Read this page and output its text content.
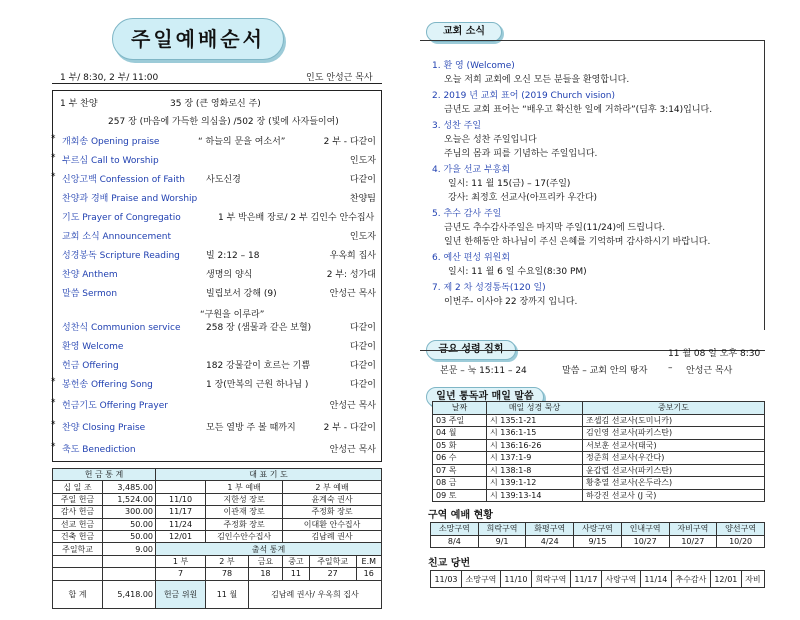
주일예배순서
1 부/ 8:30, 2 부/ 11:00	인도 안성근 목사
1 부 찬양	35 장 (큰 영화로신 주)
257 장 (마음에 가득한 의심을) /502 장 (빛에 사자들이여)
* 개회송 Opening praise	“ 하늘의 문을 여소서”	2 부 - 다같이
* 부르심 Call to Worship	인도자
* 신앙고백 Confession of Faith 사도신경	다같이
찬양과 경배 Praise and Worship	찬양팀
기도 Prayer of Congregatio	1 부 박은배 장로/ 2 부 김인수 안수집사
교회 소식 Announcement	인도자
성경봉독 Scripture Reading	빌 2:12 – 18	우옥희 집사
찬양 Anthem	생명의 양식	2 부: 성가대
말씀 Sermon	빌립보서 강해 (9)	안성근 목사
성찬식 Communion service	258 장 (샘물과 같은 보혈)	다같이
환영 Welcome	다같이
헌금 Offering	182 강물같이 흐르는 기쁨	다같이
* 봉헌송 Offering Song	1 장(만복의 근원 하나님 )	다같이
* 헌금기도 Offering Prayer	안성근 목사
* 찬양 Closing Praise	모든 열방 주 볼 때까지	2 부 - 다같이
* 축도 Benediction	안성근 목사
“구원을 이루라”
헌 금 통 계		대 표 기 도					
십 일 조	3,485.00		1 부 예배		2 부 예배		
주일 헌금	1,524.00	11/10	지한성 장로		윤계숙 권사		
감사 헌금	300.00	11/17	이관재 장로		주정화 장로		
선교 헌금	50.00	11/24	주정화 장로		이대환 안수집사		
건축 헌금	50.00	12/01	김인수안수집사		김남례 권사		
주일학교	9.00	출석 통계					
		1 부	2 부	금요	중고	주일학교	E.M
		7	78	18	11	27	16
합 계	5,418.00	헌금 위원	11 월	김남례 권사/ 우옥희 집사			
교회 소식
1. 환 영 (Welcome)
오늘 저희 교회에 오신 모든 분들을 환영합니다.
2. 2019 년 교회 표어 (2019 Church vision)
금년도 교회 표어는 “배우고 확신한 일에 거하라”(딤후 3:14)입니다.
3. 성찬 주일
오늘은 성찬 주일입니다
주님의 몸과 피를 기념하는 주일입니다.
4. 가을 선교 부흥회
일시: 11 월 15(금) – 17(주일)
강사: 최정호 선교사(아프리카 우간다)
5. 추수 감사 주일
금년도 추수감사주일은 마지막 주일(11/24)에 드립니다.
일년 한해동안 하나님이 주신 은혜를 기억하며 감사하시기 바랍니다.
6. 예산 편성 위원회
일시: 11 월 6 일 수요일(8:30 PM)
7. 제 2 차 성경통독(120 일)
이번주- 이사야 22 장까지 입니다.
금요 성령 집회	11 월 08 일 오후 8:30
본문 – 눅 15:11 – 24	말씀 – 교회 안의 탕자 – 안성근 목사
일년 통독과 매일 말씀
날짜	매일 성경 묵상	중보기도
03 주일	시 135:1-21	조셉김 선교사(도미니카)
04 월	시 136:1-15	김인영 선교사(파키스탄)
05 화	시 136:16-26	서보훈 선교사(태국)
06 수	시 137:1-9	정준희 선교사(우간다)
07 목	시 138:1-8	윤갑렵 선교사(파키스탄)
08 금	시 139:1-12	황충열 선교사(온두라스)
09 토	시 139:13-14	하강진 선교사 (J 국)
구역 예배 현황
소망구역	희락구역	화평구역	사랑구역	인내구역	자비구역	양선구역
8/4	9/1	4/24	9/15	10/27	10/27	10/20
친교 당번
11/03	소망구역	11/10	희락구역	11/17	사랑구역	11/14	추수감사	12/01	자비
